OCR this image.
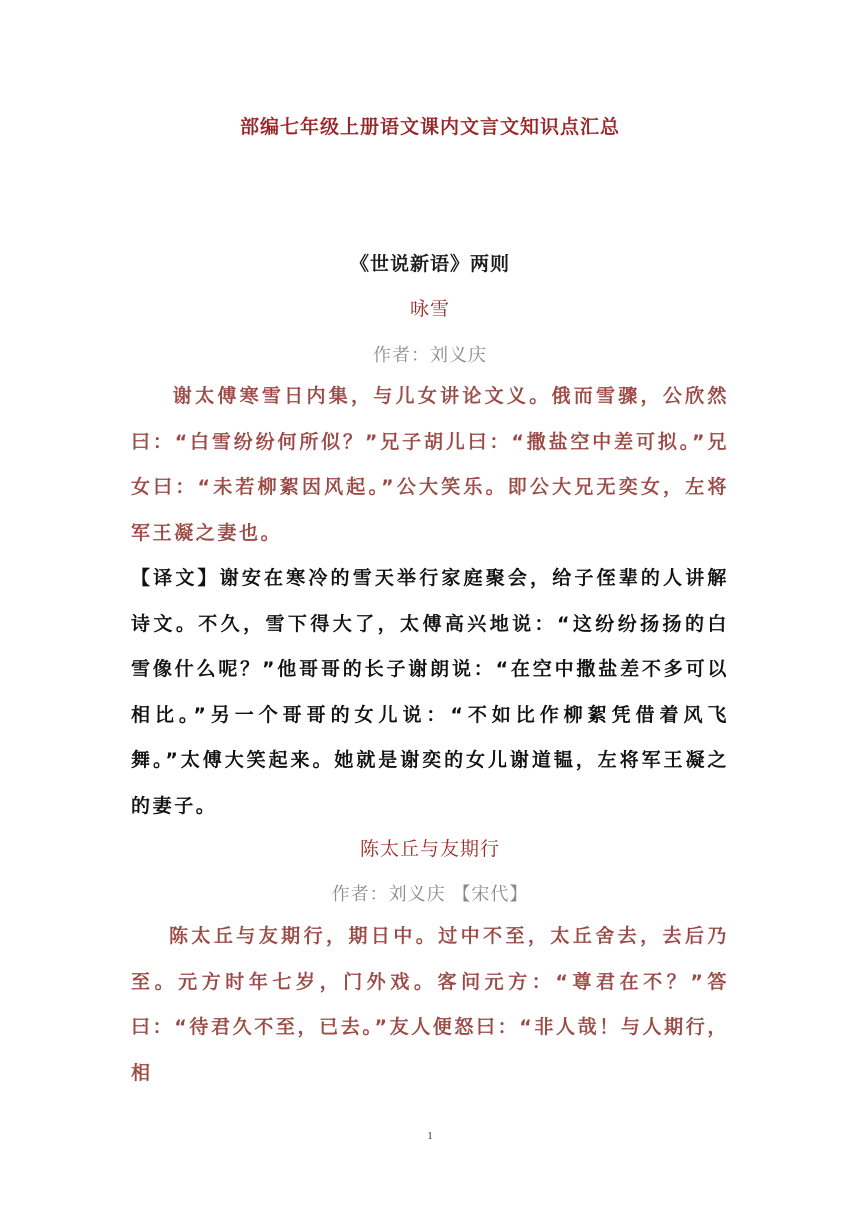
部编七年级上册语文课内文言文知识点汇总
《世说新语》两则
咏雪
作者：刘义庆

谢太傅寒雪日内集，与儿女讲论文义。俄而雪骤，公欣然曰：“白雪纷纷何所似？”兄子胡儿曰：“撒盐空中差可拟。”兄女曰：“未若柳絮因风起。”公大笑乐。即公大兄无奕女，左将军王凝之妻也。

【译文】谢安在寒冷的雪天举行家庭聚会，给子侄辈的人讲解诗文。不久，雪下得大了，太傅高兴地说：“这纷纷扬扬的白雪像什么呢？”他哥哥的长子谢朗说：“在空中撒盐差不多可以相比。”另一个哥哥的女儿说：“不如比作柳絮凭借着风飞舞。”太傅大笑起来。她就是谢奕的女儿谢道韫，左将军王凝之的妻子。

陈太丘与友期行
作者：刘义庆 【宋代】

陈太丘与友期行，期日中。过中不至，太丘舍去，去后乃至。元方时年七岁，门外戏。客问元方：“尊君在不？”答曰：“待君久不至，已去。”友人便怒曰：“非人哉！与人期行，相

1
